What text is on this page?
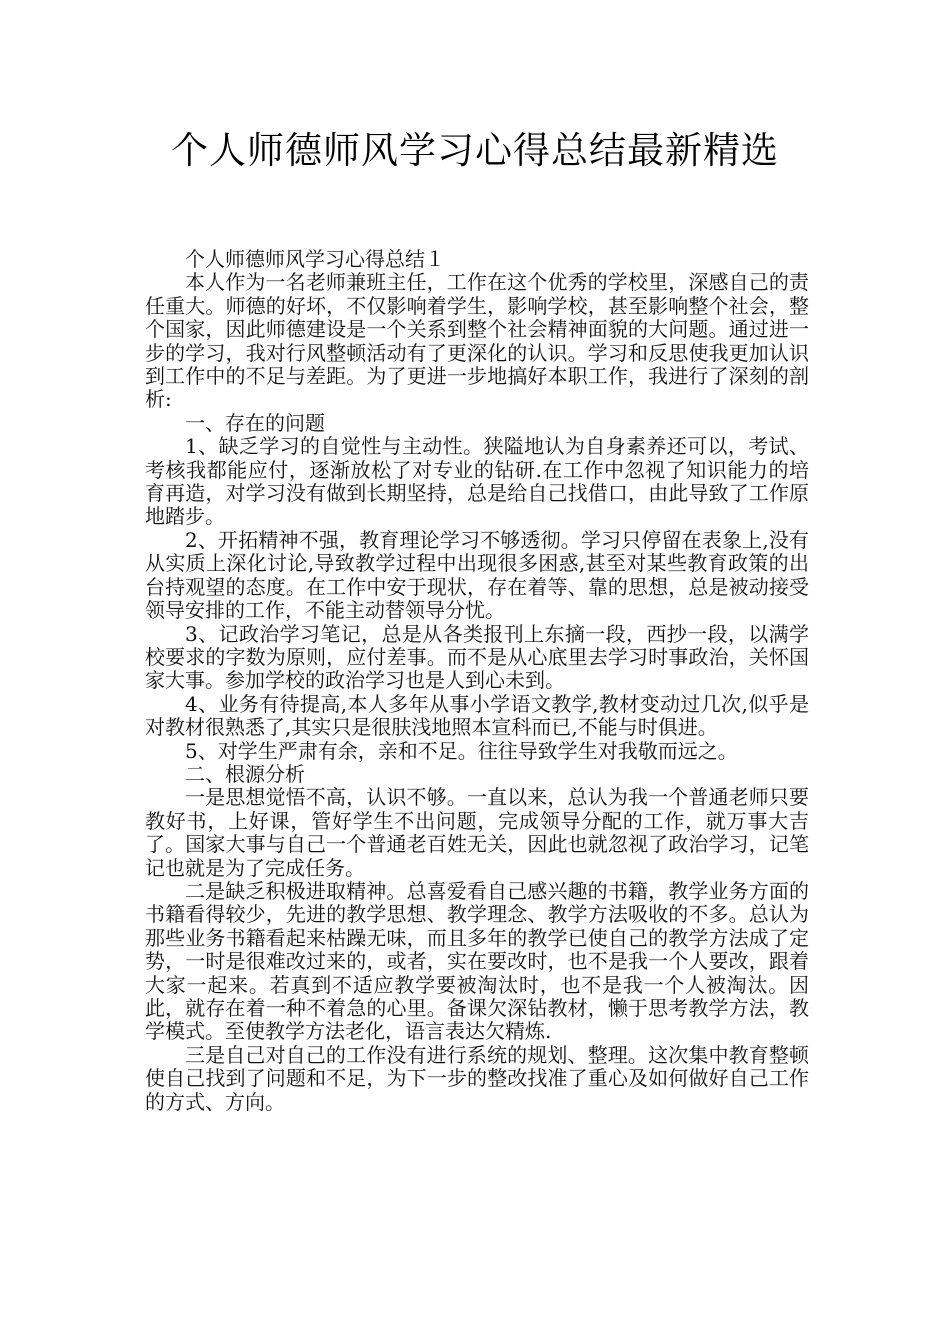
个人师德师风学习心得总结最新精选

个人师德师风学习心得总结１

本人作为一名老师兼班主任，工作在这个优秀的学校里，深感自己的责任重大。师德的好坏，不仅影响着学生，影响学校，甚至影响整个社会，整个国家，因此师德建设是一个关系到整个社会精神面貌的大问题。通过进一步的学习，我对行风整顿活动有了更深化的认识。学习和反思使我更加认识到工作中的不足与差距。为了更进一步地搞好本职工作，我进行了深刻的剖析:

一、存在的问题

1、缺乏学习的自觉性与主动性。狭隘地认为自身素养还可以，考试、考核我都能应付，逐渐放松了对专业的钻研.在工作中忽视了知识能力的培育再造，对学习没有做到长期坚持，总是给自己找借口，由此导致了工作原地踏步。

2、开拓精神不强，教育理论学习不够透彻。学习只停留在表象上,没有从实质上深化讨论,导致教学过程中出现很多困惑,甚至对某些教育政策的出台持观望的态度。在工作中安于现状，存在着等、靠的思想，总是被动接受领导安排的工作，不能主动替领导分忧。

3、记政治学习笔记，总是从各类报刊上东摘一段，西抄一段，以满学校要求的字数为原则，应付差事。而不是从心底里去学习时事政治，关怀国家大事。参加学校的政治学习也是人到心未到。

4、业务有待提高,本人多年从事小学语文教学,教材变动过几次,似乎是对教材很熟悉了,其实只是很肤浅地照本宣科而已,不能与时俱进。

5、对学生严肃有余，亲和不足。往往导致学生对我敬而远之。

二、根源分析

一是思想觉悟不高，认识不够。一直以来，总认为我一个普通老师只要教好书，上好课，管好学生不出问题，完成领导分配的工作，就万事大吉了。国家大事与自己一个普通老百姓无关，因此也就忽视了政治学习，记笔记也就是为了完成任务。

二是缺乏积极进取精神。总喜爱看自己感兴趣的书籍，教学业务方面的书籍看得较少，先进的教学思想、教学理念、教学方法吸收的不多。总认为那些业务书籍看起来枯躁无味，而且多年的教学已使自己的教学方法成了定势，一时是很难改过来的，或者，实在要改时，也不是我一个人要改，跟着大家一起来。若真到不适应教学要被淘汰时，也不是我一个人被淘汰。因此，就存在着一种不着急的心里。备课欠深钻教材，懒于思考教学方法，教学模式。至使教学方法老化，语言表达欠精炼.

三是自己对自己的工作没有进行系统的规划、整理。这次集中教育整顿使自己找到了问题和不足，为下一步的整改找准了重心及如何做好自己工作的方式、方向。
